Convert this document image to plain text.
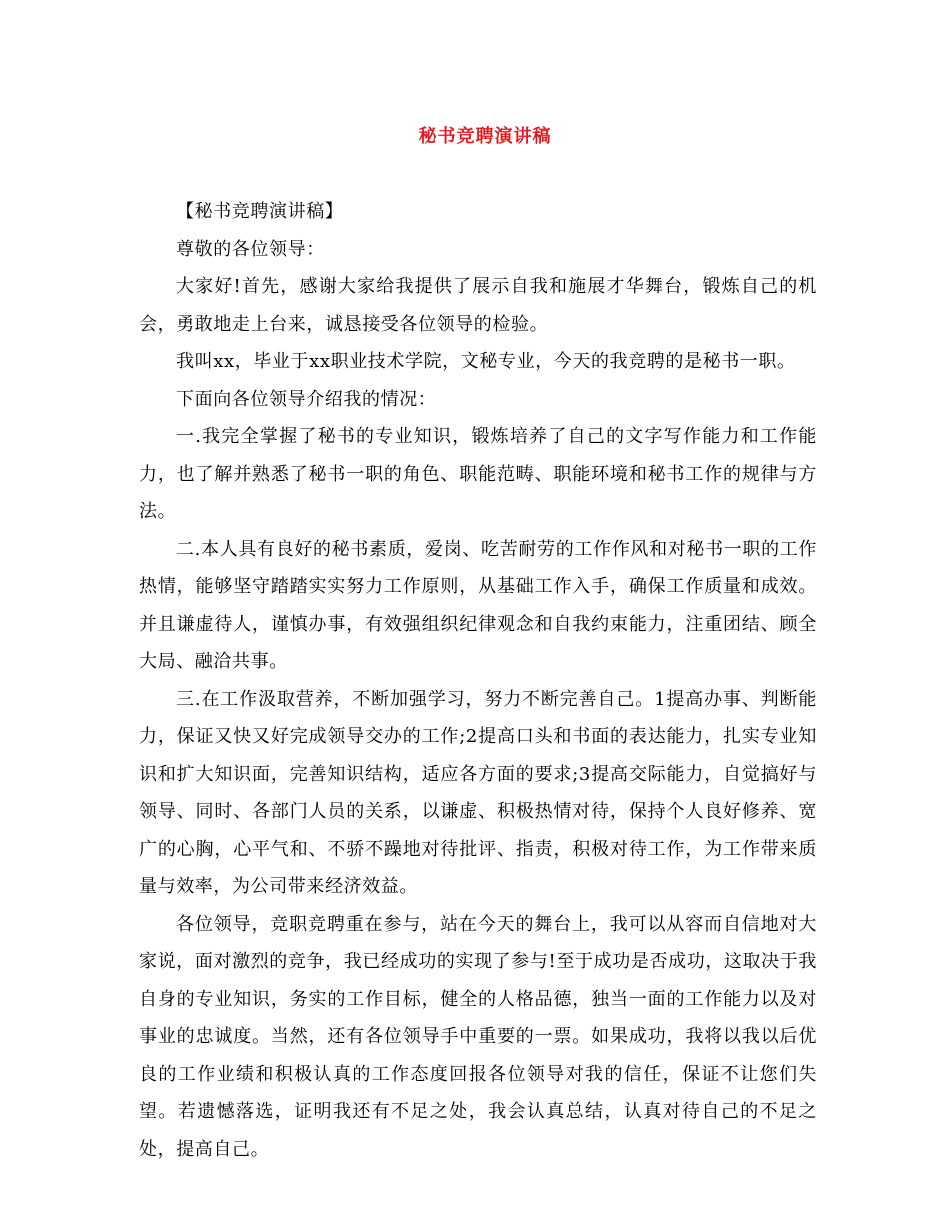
秘书竞聘演讲稿

【秘书竞聘演讲稿】

尊敬的各位领导：

大家好!首先，感谢大家给我提供了展示自我和施展才华舞台，锻炼自己的机会，勇敢地走上台来，诚恳接受各位领导的检验。

我叫xx，毕业于xx职业技术学院，文秘专业，今天的我竞聘的是秘书一职。

下面向各位领导介绍我的情况：

一.我完全掌握了秘书的专业知识，锻炼培养了自己的文字写作能力和工作能力，也了解并熟悉了秘书一职的角色、职能范畴、职能环境和秘书工作的规律与方法。

二.本人具有良好的秘书素质，爱岗、吃苦耐劳的工作作风和对秘书一职的工作热情，能够坚守踏踏实实努力工作原则，从基础工作入手，确保工作质量和成效。并且谦虚待人，谨慎办事，有效强组织纪律观念和自我约束能力，注重团结、顾全大局、融洽共事。

三.在工作汲取营养，不断加强学习，努力不断完善自己。1提高办事、判断能力，保证又快又好完成领导交办的工作;2提高口头和书面的表达能力，扎实专业知识和扩大知识面，完善知识结构，适应各方面的要求;3提高交际能力，自觉搞好与领导、同时、各部门人员的关系，以谦虚、积极热情对待，保持个人良好修养、宽广的心胸，心平气和、不骄不躁地对待批评、指责，积极对待工作，为工作带来质量与效率，为公司带来经济效益。

各位领导，竞职竞聘重在参与，站在今天的舞台上，我可以从容而自信地对大家说，面对激烈的竞争，我已经成功的实现了参与!至于成功是否成功，这取决于我自身的专业知识，务实的工作目标，健全的人格品德，独当一面的工作能力以及对事业的忠诚度。当然，还有各位领导手中重要的一票。如果成功，我将以我以后优良的工作业绩和积极认真的工作态度回报各位领导对我的信任，保证不让您们失望。若遗憾落选，证明我还有不足之处，我会认真总结，认真对待自己的不足之处，提高自己。
